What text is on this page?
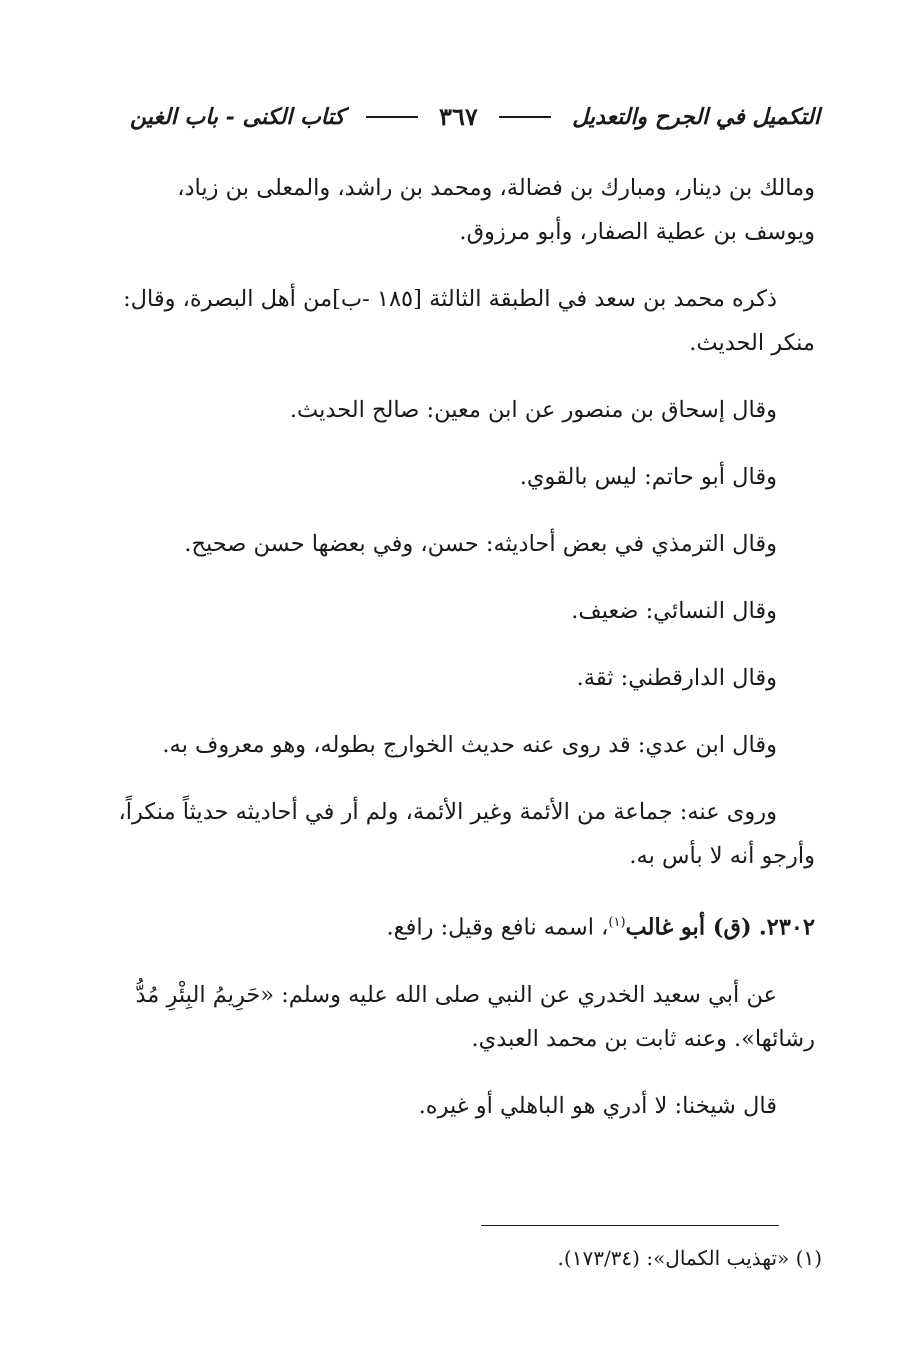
التكميل في الجرح والتعديل
٣٦٧
كتاب الكنى - باب الغين

ومالك بن دينار، ومبارك بن فضالة، ومحمد بن راشد، والمعلى بن زياد،
ويوسف بن عطية الصفار، وأبو مرزوق.

ذكره محمد بن سعد في الطبقة الثالثة [١٨٥ -ب]من أهل البصرة، وقال:
منكر الحديث.

وقال إسحاق بن منصور عن ابن معين: صالح الحديث.

وقال أبو حاتم: ليس بالقوي.

وقال الترمذي في بعض أحاديثه: حسن، وفي بعضها حسن صحيح.

وقال النسائي: ضعيف.

وقال الدارقطني: ثقة.

وقال ابن عدي: قد روى عنه حديث الخوارج بطوله، وهو معروف به.

وروى عنه: جماعة من الأئمة وغير الأئمة، ولم أر في أحاديثه حديثاً منكراً،
وأرجو أنه لا بأس به.

٢٣٠٢. (ق) أبو غالب$^{(١)}$، اسمه نافع وقيل: رافع.

عن أبي سعيد الخدري عن النبي صلى الله عليه وسلم: «حَرِيمُ البِئْرِ مُدُّ
رشائها». وعنه ثابت بن محمد العبدي.

قال شيخنا: لا أدري هو الباهلي أو غيره.

(١) «تهذيب الكمال»: (١٧٣/٣٤).
